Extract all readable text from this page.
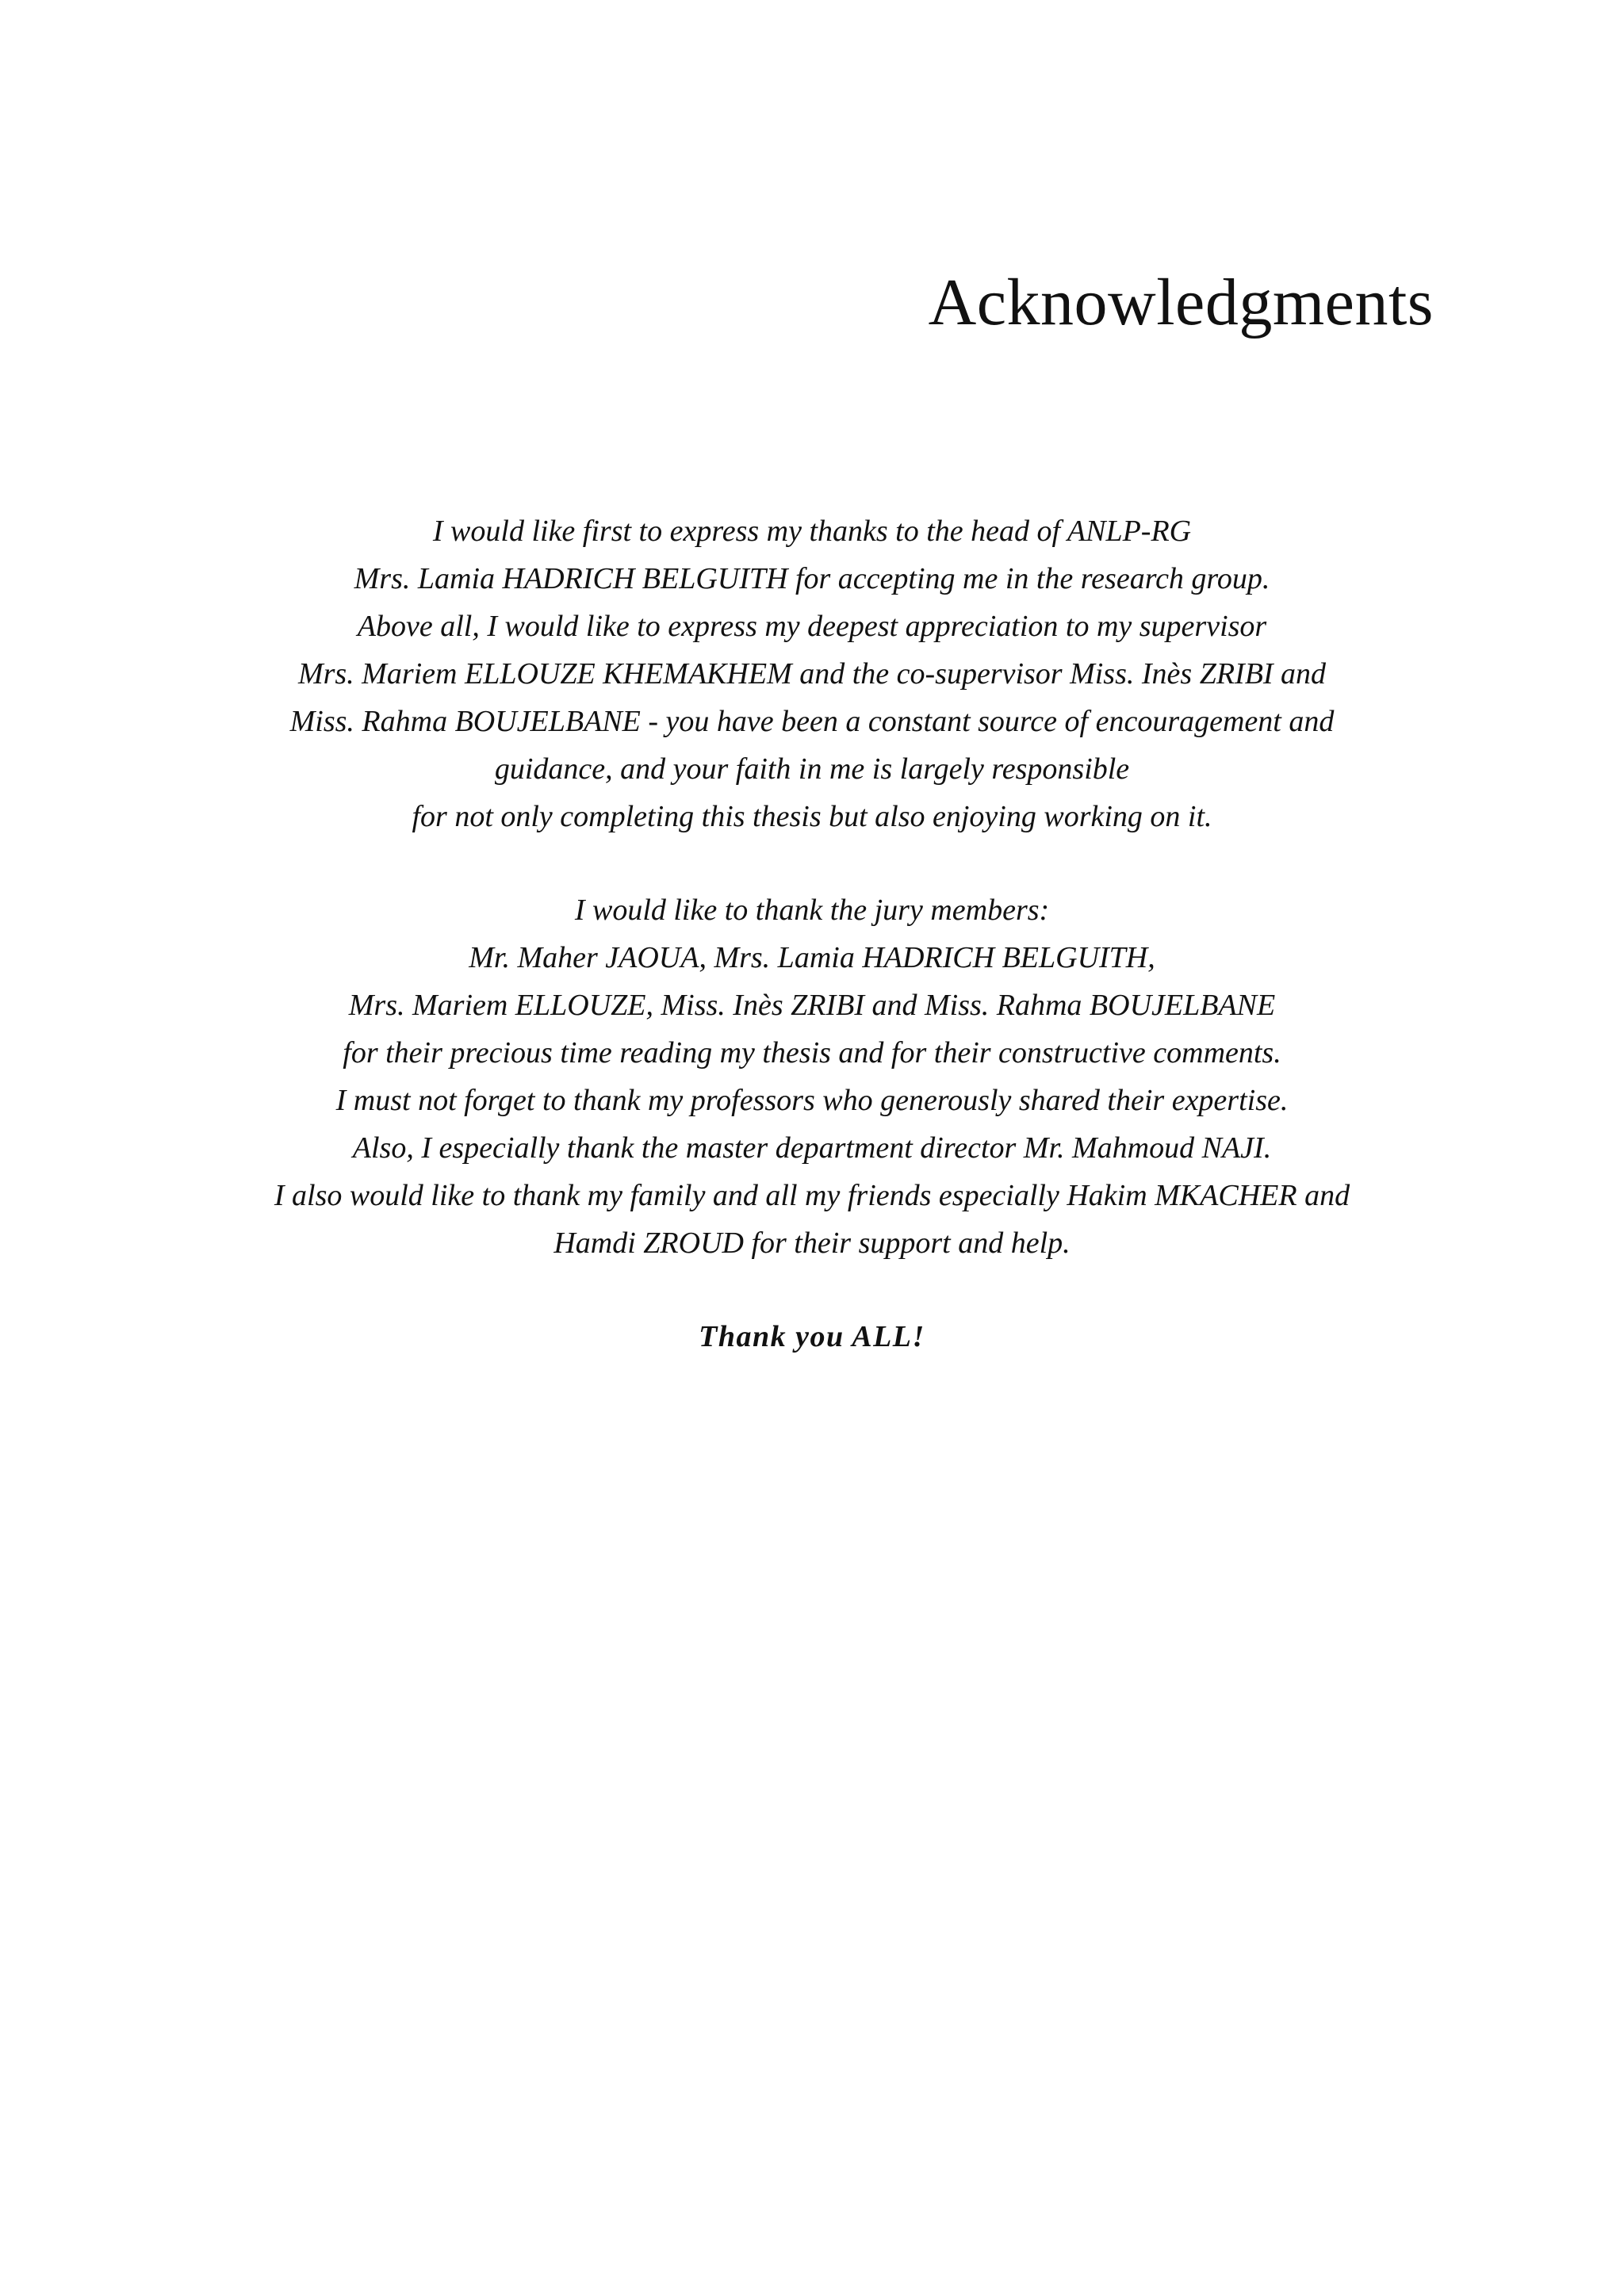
Acknowledgments
I would like first to express my thanks to the head of ANLP-RG
Mrs. Lamia HADRICH BELGUITH for accepting me in the research group.
Above all, I would like to express my deepest appreciation to my supervisor
Mrs. Mariem ELLOUZE KHEMAKHEM and the co-supervisor Miss. Inès ZRIBI and
Miss. Rahma BOUJELBANE - you have been a constant source of encouragement and
guidance, and your faith in me is largely responsible
for not only completing this thesis but also enjoying working on it.
I would like to thank the jury members:
Mr. Maher JAOUA, Mrs. Lamia HADRICH BELGUITH,
Mrs. Mariem ELLOUZE, Miss. Inès ZRIBI and Miss. Rahma BOUJELBANE
for their precious time reading my thesis and for their constructive comments.
I must not forget to thank my professors who generously shared their expertise.
Also, I especially thank the master department director Mr. Mahmoud NAJI.
I also would like to thank my family and all my friends especially Hakim MKACHER and
Hamdi ZROUD for their support and help.
Thank you ALL!
